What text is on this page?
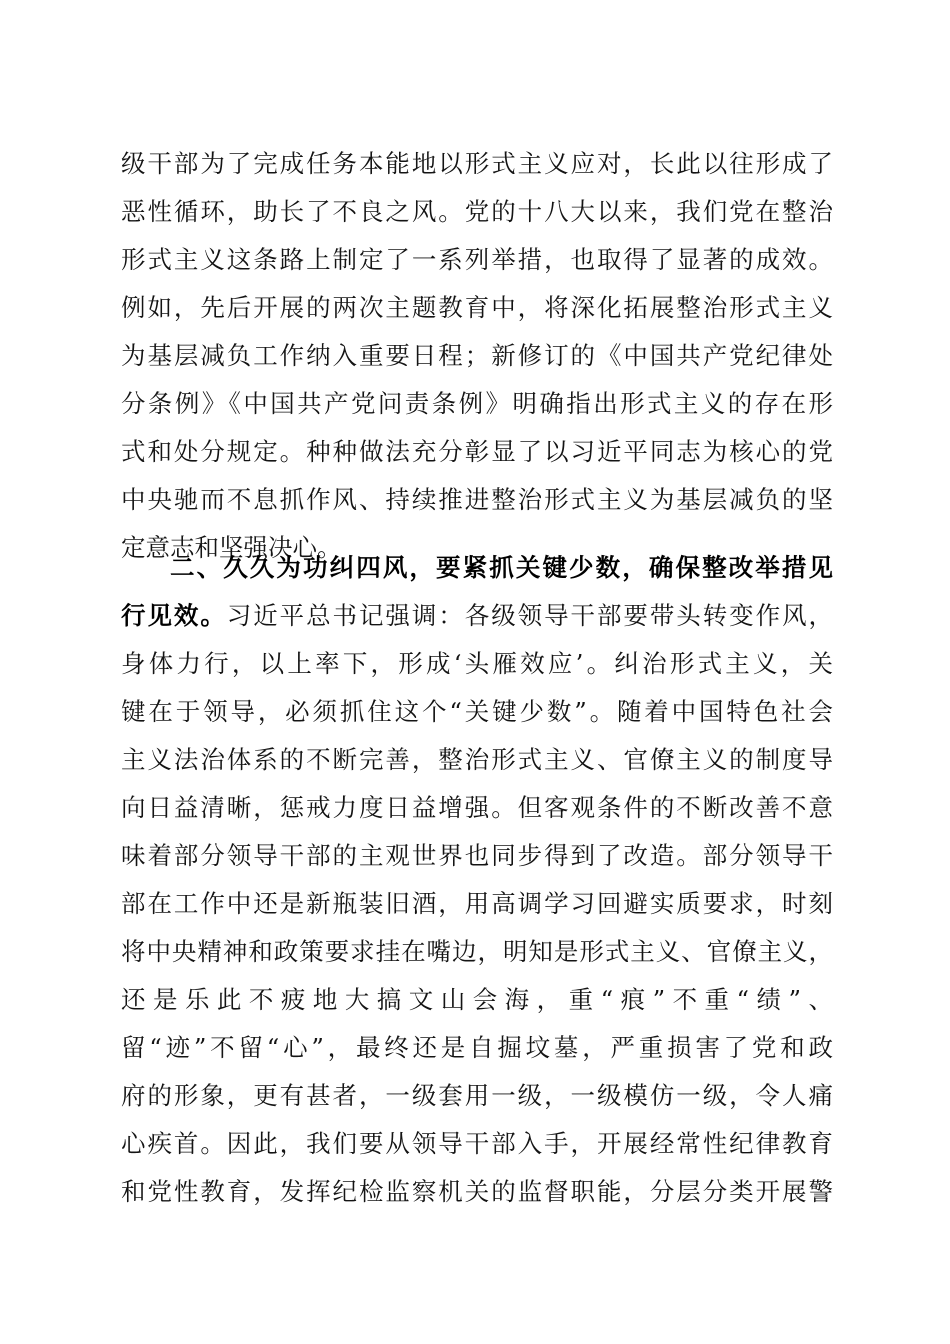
级干部为了完成任务本能地以形式主义应对，长此以往形成了
恶性循环，助长了不良之风。党的十八大以来，我们党在整治
形式主义这条路上制定了一系列举措，也取得了显著的成效。
例如，先后开展的两次主题教育中，将深化拓展整治形式主义
为基层减负工作纳入重要日程；新修订的《中国共产党纪律处
分条例》《中国共产党问责条例》明确指出形式主义的存在形
式和处分规定。种种做法充分彰显了以习近平同志为核心的党
中央驰而不息抓作风、持续推进整治形式主义为基层减负的坚
定意志和坚强决心。
二、久久为功纠四风，要紧抓关键少数，确保整改举措见
行见效。习近平总书记强调：各级领导干部要带头转变作风，
身体力行，以上率下，形成‘头雁效应’。纠治形式主义，关
键在于领导，必须抓住这个“关键少数”。随着中国特色社会
主义法治体系的不断完善，整治形式主义、官僚主义的制度导
向日益清晰，惩戒力度日益增强。但客观条件的不断改善不意
味着部分领导干部的主观世界也同步得到了改造。部分领导干
部在工作中还是新瓶装旧酒，用高调学习回避实质要求，时刻
将中央精神和政策要求挂在嘴边，明知是形式主义、官僚主义，
还是乐此不疲地大搞文山会海，重“痕”不重“绩”、
留“迹”不留“心”，最终还是自掘坟墓，严重损害了党和政
府的形象，更有甚者，一级套用一级，一级模仿一级，令人痛
心疾首。因此，我们要从领导干部入手，开展经常性纪律教育
和党性教育，发挥纪检监察机关的监督职能，分层分类开展警
